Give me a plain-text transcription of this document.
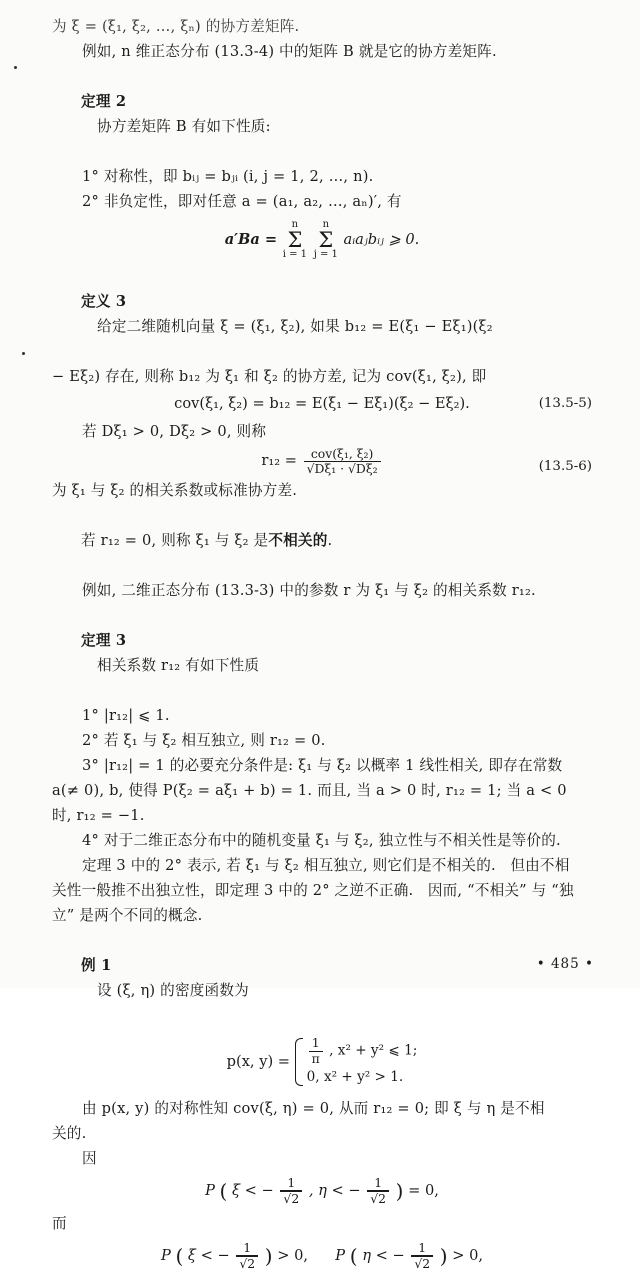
为 ξ = (ξ₁, ξ₂, …, ξₙ) 的协方差矩阵.
例如, n 维正态分布 (13.3-4) 中的矩阵 B 就是它的协方差矩阵.

定理 2
协方差矩阵 B 有如下性质:

1° 对称性，即 bᵢⱼ = bⱼᵢ (i, j = 1, 2, …, n).
2° 非负定性，即对任意 a = (a₁, a₂, …, aₙ)′, 有
a′Ba = n
Σ
i = 1 n
Σ
j = 1 aᵢaⱼbᵢⱼ ⩾ 0.

定义 3
给定二维随机向量 ξ = (ξ₁, ξ₂), 如果 b₁₂ = E(ξ₁ − Eξ₁)(ξ₂

− Eξ₂) 存在, 则称 b₁₂ 为 ξ₁ 和 ξ₂ 的协方差, 记为 cov(ξ₁, ξ₂), 即
cov(ξ₁, ξ₂) = b₁₂ = E(ξ₁ − Eξ₁)(ξ₂ − Eξ₂).	(13.5-5)
若 Dξ₁ > 0, Dξ₂ > 0, 则称
$r_{12} = \frac{\text{cov(ξ₁, ξ₂)}}{\text{√Dξ₁ · √Dξ₂}}$	(13.5-6)
为 ξ₁ 与 ξ₂ 的相关系数或标准协方差.

若 r₁₂ = 0, 则称 ξ₁ 与 ξ₂ 是不相关的.

例如, 二维正态分布 (13.3-3) 中的参数 r 为 ξ₁ 与 ξ₂ 的相关系数 r₁₂.

定理 3
相关系数 r₁₂ 有如下性质

1° |r₁₂| ⩽ 1.
2° 若 ξ₁ 与 ξ₂ 相互独立, 则 r₁₂ = 0.
3° |r₁₂| = 1 的必要充分条件是: ξ₁ 与 ξ₂ 以概率 1 线性相关, 即存在常数
a(≠ 0), b, 使得 P(ξ₂ = aξ₁ + b) = 1. 而且, 当 a > 0 时, r₁₂ = 1; 当 a < 0
时, r₁₂ = −1.
4° 对于二维正态分布中的随机变量 ξ₁ 与 ξ₂, 独立性与不相关性是等价的.
定理 3 中的 2° 表示, 若 ξ₁ 与 ξ₂ 相互独立, 则它们是不相关的.   但由不相
关性一般推不出独立性，即定理 3 中的 2° 之逆不正确.   因而, “不相关” 与 “独
立” 是两个不同的概念.

例 1
设 (ξ, η) 的密度函数为

p(x, $y) = \frac{1}{\pi}$ , x² + y² ⩽ 1;
0, x² + y² > 1.
由 p(x, y) 的对称性知 cov(ξ, η) = 0, 从而 r₁₂ = 0; 即 ξ 与 η 是不相
关的.
因
P ( ξ < − $\frac{1}{√2}$ , η < − $\frac{1}{√2}$ ) = 0,
而
P ( ξ < − $\frac{1}{√2}$ ) > 0, P ( η < − $\frac{1}{√2}$ ) > 0,
• 485 •
